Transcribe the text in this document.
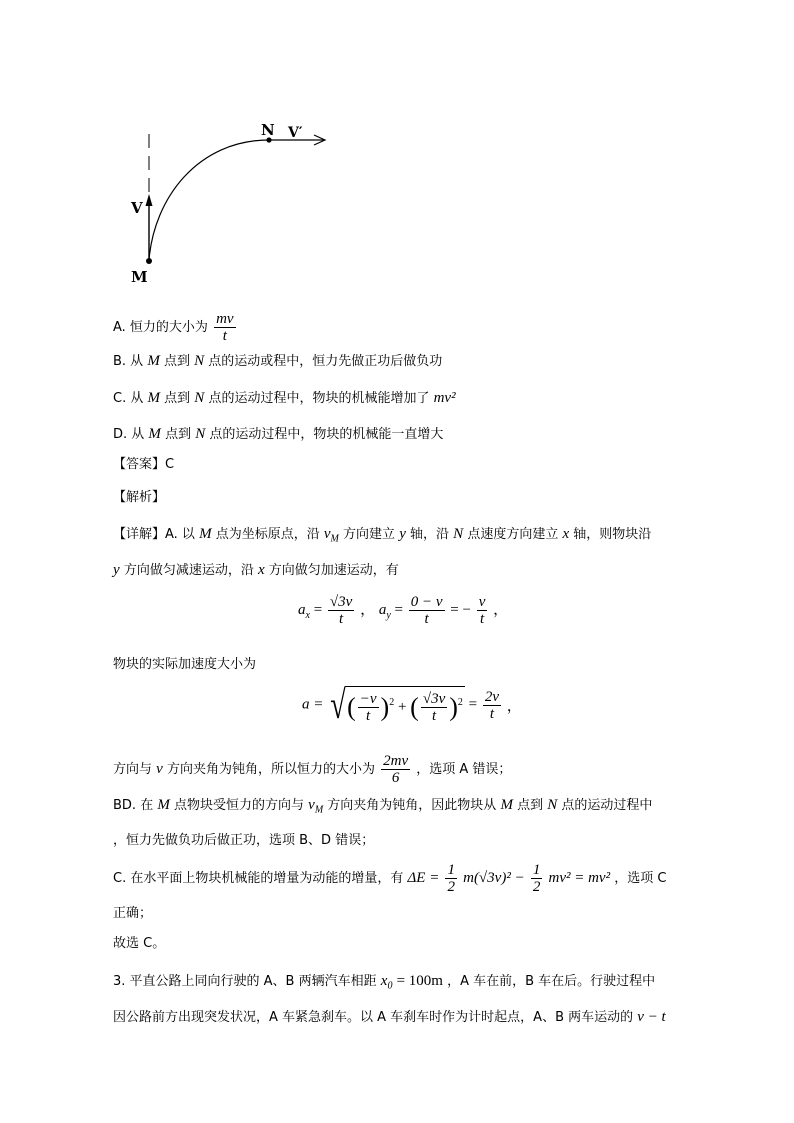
N V′
V
M
A. 恒力的大小为 $\frac{mv}{t}$
B. 从 M 点到 N 点的运动或程中，恒力先做正功后做负功
C. 从 M 点到 N 点的运动过程中，物块的机械能增加了 mv²
D. 从 M 点到 N 点的运动过程中，物块的机械能一直增大
【答案】C
【解析】
【详解】A. 以 M 点为坐标原点，沿 $v_M$ 方向建立 y 轴，沿 N 点速度方向建立 x 轴，则物块沿
y 方向做匀减速运动，沿 x 方向做匀加速运动，有
$a_x = \frac{√3v}{t}$ ， $a_y = \frac{0 - v}{t}$ = − $\frac{v}{t}$ ，
物块的实际加速度大小为
a = √( $\frac{-v}{t} )^2$ + ( $\frac{√3v}{t} )^2 = \frac{2v}{t}$ ，
方向与 v 方向夹角为钝角，所以恒力的大小为 $\frac{2mv}{6}$ ，选项 A 错误；
BD. 在 M 点物块受恒力的方向与 $v_M$ 方向夹角为钝角，因此物块从 M 点到 N 点的运动过程中
，恒力先做负功后做正功，选项 B、D 错误；
C. 在水平面上物块机械能的增量为动能的增量，有 $\Delta E = \frac{1}{2} m(√3v)^2 - \frac{1}{2} mv^2 = mv^2$ ，选项 C
正确；
故选 C。
3. 平直公路上同向行驶的 A、B 两辆汽车相距 $x_0 = 100m$ ，A 车在前，B 车在后。行驶过程中
因公路前方出现突发状况，A 车紧急刹车。以 A 车刹车时作为计时起点，A、B 两车运动的 v − t
